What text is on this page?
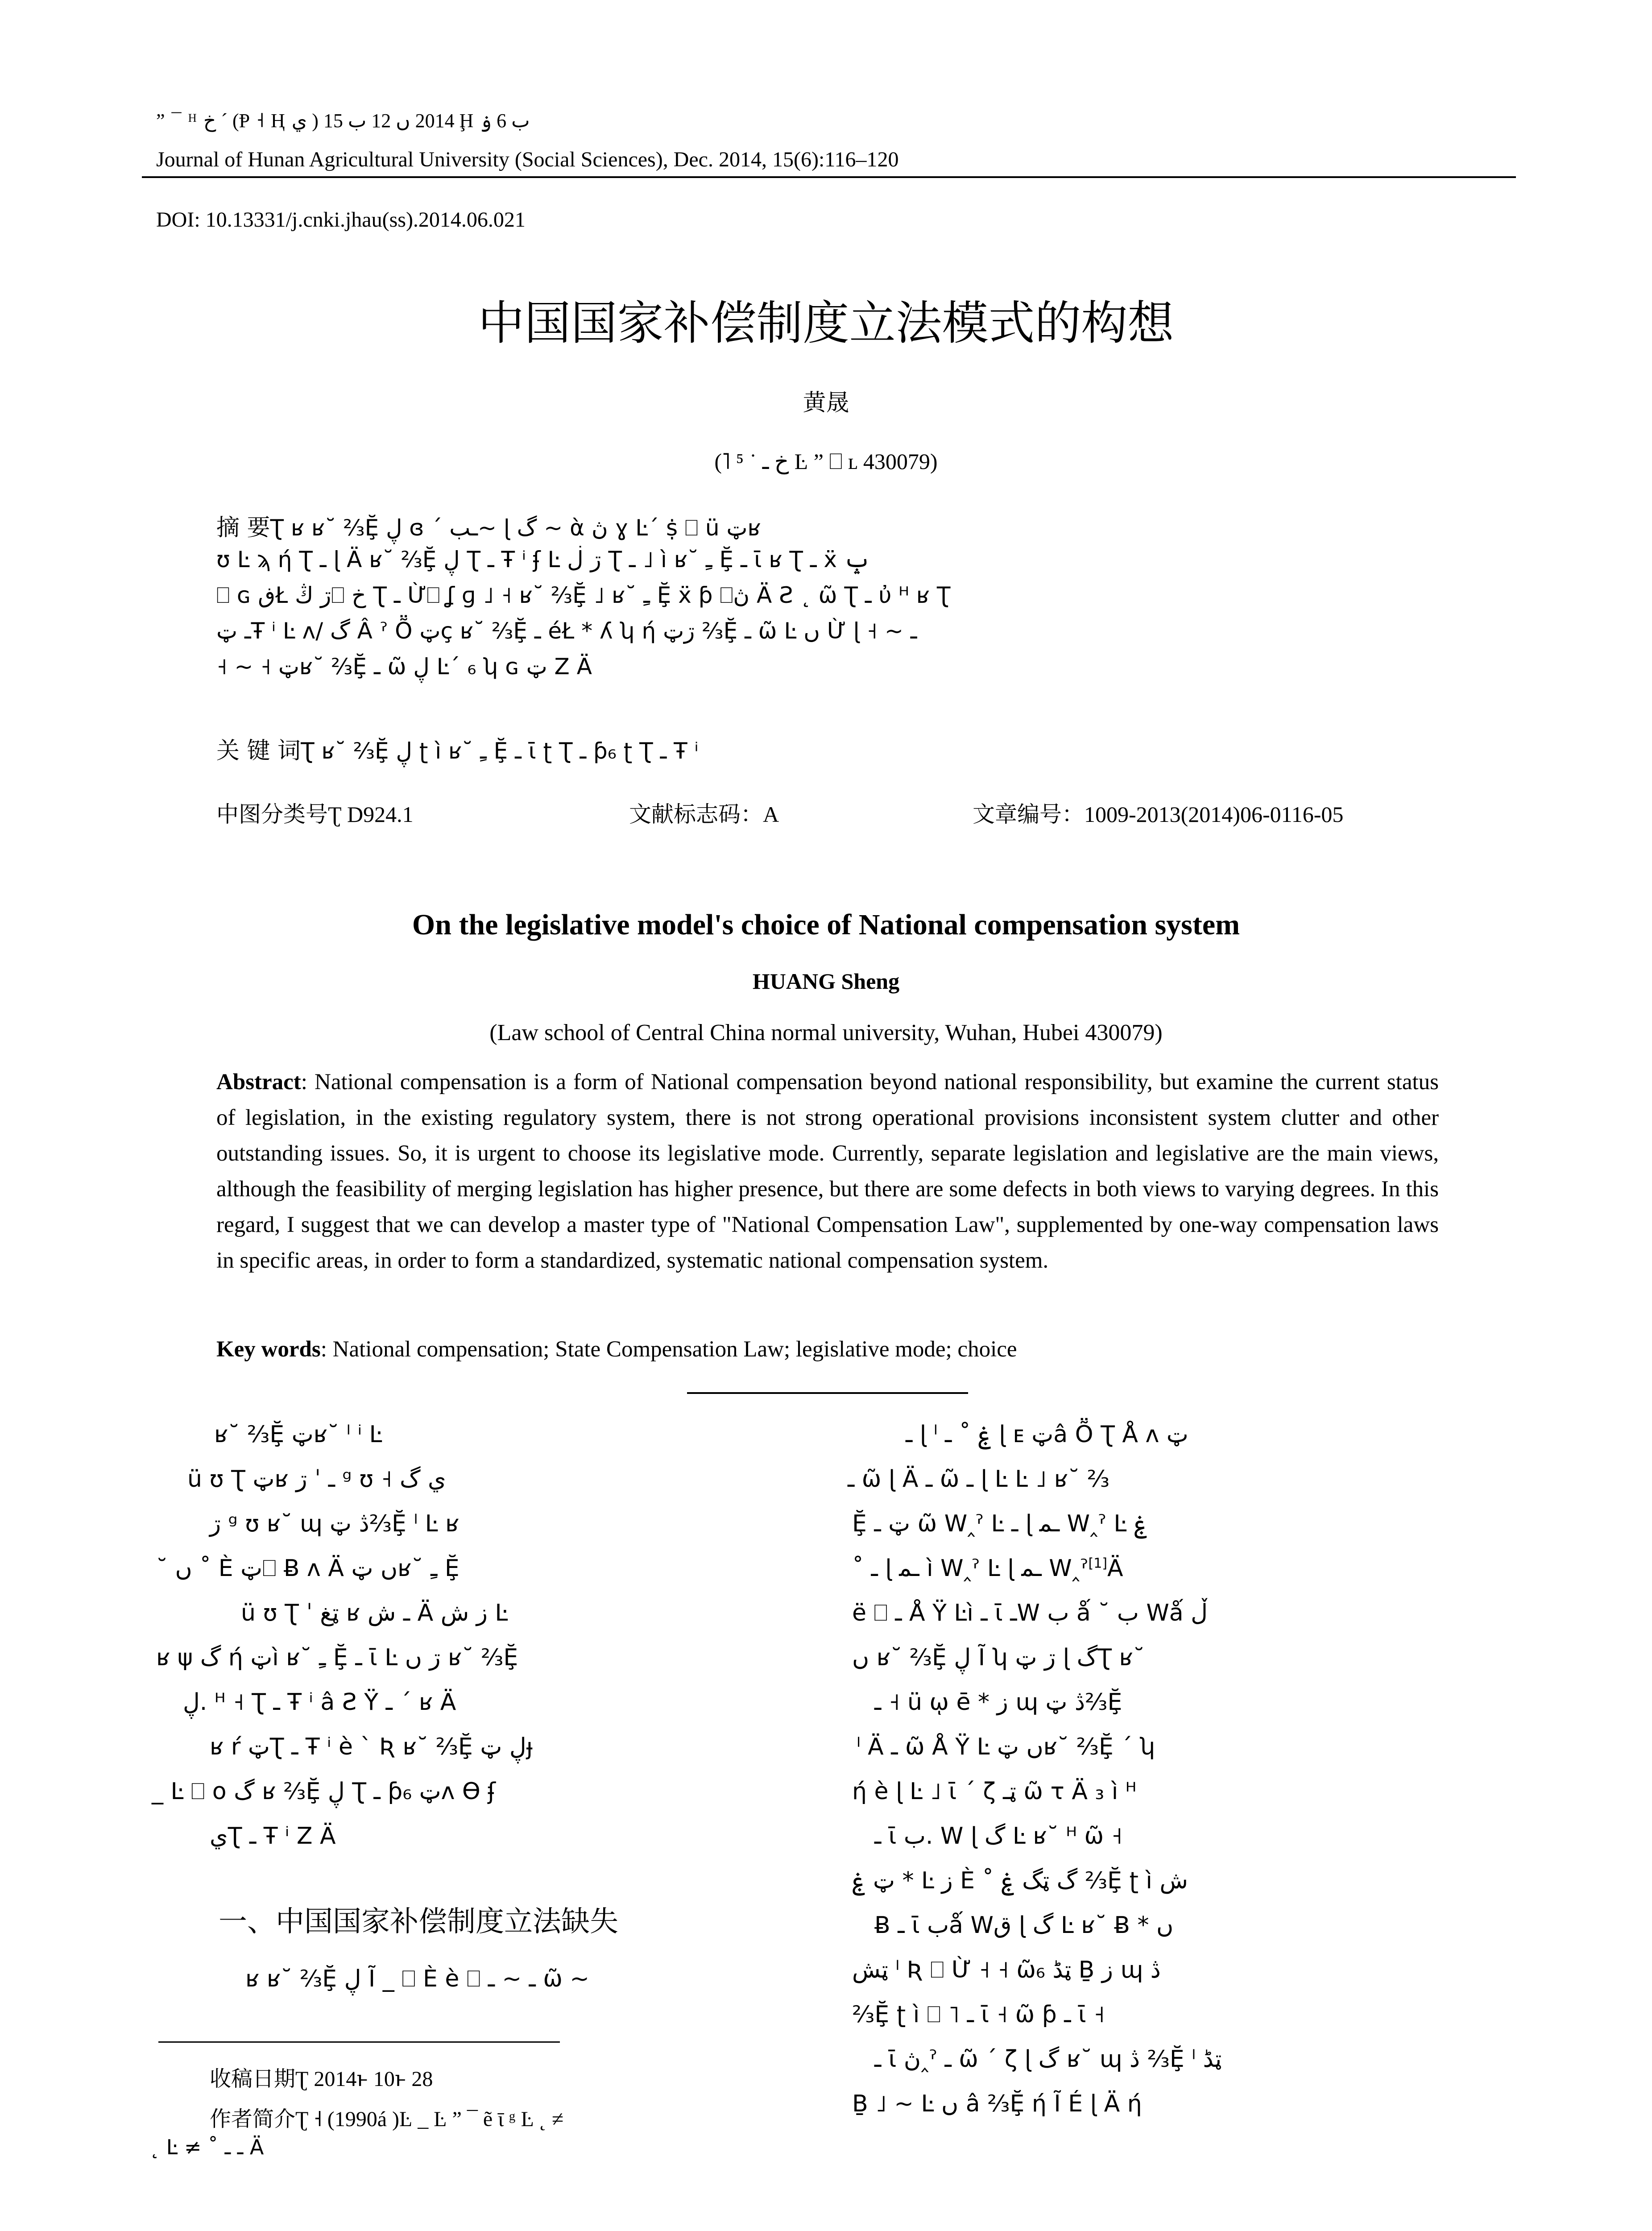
” ¯ ᴴ خ ˊ (Ᵽ ˧ Ⱨ ي ) 2014 ں 12 ب 15 Ḩ ب 6 ۏ
Journal of Hunan Agricultural University (Social Sciences), Dec. 2014, 15(6):116–120
DOI: 10.13331/j.cnki.jhau(ss).2014.06.021
中国国家补偿制度立法模式的构想
黄晟
(˥ ⁵ ˙ خ ـ Ŀ ” ⎕ ʟ 430079)
摘 要Ʈ ʁ ʁ˘ ⅔Ḝ ڸ ɞ ˊ ـب~ ɭ گ ~ ὰ ڽ ɣ Ŀˊ ṩ ⎕ ü ټʁ
ʊ Ŀ ϡ ή Ʈ ـ ɭ Ä ʁ˘ ⅔Ḝ ڸ Ʈ ـ Ŧ ⁱ ʄ Ŀ ڗ ڶ Ʈ ـ ˩ ì ʁ˘ ـِ Ḝ ـ ῑ ʁ Ʈ ـ ẍ ݒ
⎕ ɢ ڧŁ ڗ ڭ⎕ خ Ʈ ـ Ừ⎕ ʆ ɡ ˩ ˧ ʁ˘ ⅔Ḝ ˩ ʁ˘ ـِ Ḝ ẍ ƥ ⎕ڽ Ä Ƨ ˛ ῶ Ʈ ـ ὐ ᴴ ʁ Ʈ
ـ ټŦ ⁱ Ŀ ʌ/ گ Â ˀ Ṏ ټç ʁ˘ ⅔Ḝ ـ éŁ * ʎ ʮ ή ڗټ ⅔Ḝ ـ ῶ Ŀ ں Ừ ɭ ˧ ~ ـ
˧ ~ ˧ ټʁ˘ ⅔Ḝ ـ ῶ ڸ Ŀˊ ₆ ʮ ɢ ټ Ζ Ä
关 键 词Ʈ ʁ˘ ⅔Ḝ ڸ ʈ ì ʁ˘ ـِ Ḝ ـ ῑ ʈ Ʈ ـ ƥ₆ ʈ Ʈ ـ Ŧ ⁱ
中图分类号Ʈ D924.1	文献标志码：A	文章编号：1009-2013(2014)06-0116-05
On the legislative model's choice of National compensation system
HUANG Sheng
(Law school of Central China normal university, Wuhan, Hubei 430079)
Abstract: National compensation is a form of National compensation beyond national responsibility, but examine the current status of legislation, in the existing regulatory system, there is not strong operational provisions inconsistent system clutter and other outstanding issues. So, it is urgent to choose its legislative mode. Currently, separate legislation and legislative are the main views, although the feasibility of merging legislation has higher presence, but there are some defects in both views to varying degrees. In this regard, I suggest that we can develop a master type of "National Compensation Law", supplemented by one-way compensation laws in specific areas, in order to form a standardized, systematic national compensation system.
Key words: National compensation; State Compensation Law; legislative mode; choice
ʁ˘ ⅔Ḝ ټʁ˘ ˡ ⁱ Ŀ
ü ʊ Ʈ ټʁ ـ ˈ ڗ ᵍ ʊ ˧ ي گ
ڗ ᵍ ʊ ʁ˘ ɰ ڎ ټ⅔Ḝ ˡ Ŀ ʁ
˘ ں ˚ È ټ⎕ Ƀ ʌ Ä ں ټʁ˘ ـِ Ḝ
ü ʊ Ʈ ˈ ټغ ʁ ـ ش Ä ز ش Ŀ
ʁ ψ گ ή ټì ʁ˘ ـِ Ḝ ـ ῑ Ŀ ڗ ں ʁ˘ ⅔Ḝ
ڸ. ᴴ ˧ Ʈ ـ Ŧ ⁱ â Ƨ Ÿ ـ ˊ ʁ Ä
ʁ ŕ ټƮ ـ Ŧ ⁱ è ` Ʀ ʁ˘ ⅔Ḝ ڸ ټɟ
_ Ŀ ⎕ o گ ʁ ⅔Ḝ ڸ Ʈ ـ ƥ₆ ټʌ ϴ ʄ
يƮ ـ Ŧ ⁱ Ζ Ä
一、中国国家补偿制度立法缺失
ʁ ʁ˘ ⅔Ḝ ڸ Ĩ _ ⎕ È è ⎕ ـ ~ ـ ῶ ~
收稿日期Ʈ 2014ͱ 10ͱ 28
作者简介Ʈ ˧ (1990á )Ŀ _ Ŀ ” ¯ ẽ ῑ ᵍ Ŀ ˛ ≠
˛ Ŀ ≠ ˚ ـ ـ Ä
ـ ɭ ˡ ۼ ˚ ـ ɭ ᴇ ټâ Ṏ Ʈ Å ʌ ټ
ـ ῶ ɭ Ä ـ ῶ ـ ɭ Ŀ Ŀ ˩ ʁ˘ ⅔
Ḝ ټ ـ ῶ W‸ˀ Ŀ ـ ɭ ـﻤ W‸ˀ Ŀ ۼ
˚ ـ ɭ ـﻤ ì W‸ˀ Ŀ ɭ ـﻤ W‸ˀ[1]Ä
ë ⎕ ـ Å Ÿ Ŀì ـ ῑ ـW ب ǻ ˘ ب Wǻ ڵ
ں ʁ˘ ⅔Ḝ ڸ Ĩ ʮ ڗ ټ ɭ گƮ ʁ˘
ـ ˧ ü ῳ ē * ز ɰ ڎ ټ⅔Ḝ
ˡ Ä ـ ῶ Å Ÿ Ŀ ں ټʁ˘ ⅔Ḝ ˊ ʮ
ή è ɭ Ŀ ˩ ῑ ˊ ζ ټـ ῶ τ Ä ₃ ì ᴴ
ـ ῑ ب. W ɭ گ Ŀ ʁ˘ ᴴ ῶ ˧
ټ ۼ * Ŀ ز È ˚ گ ټگ ۼ ⅔Ḝ ʈ ì ش
Ƀ ـ ῑ بǻ Wق ɭ گ Ŀ ʁ˘ Ƀ * ں
ټش ˡ Ʀ ⎕ Ừ ˧ ˧ ῶ₆ ټڈ Ḇ ز ɰ ڎ
⅔Ḝ ʈ ì ⎕ ˥ ـ ῑ ˧ ῶ ƥ ـ ῑ ˧
ـ ῑ ڽ‸ˀ ـ ῶ ˊ ζ ɭ گ ʁ˘ ɰ ڎ ⅔Ḝ ˡ ټڈ
Ḇ ˩ ~ Ŀ ں â ⅔Ḝ ή Ĩ É ɭ Ä ή
